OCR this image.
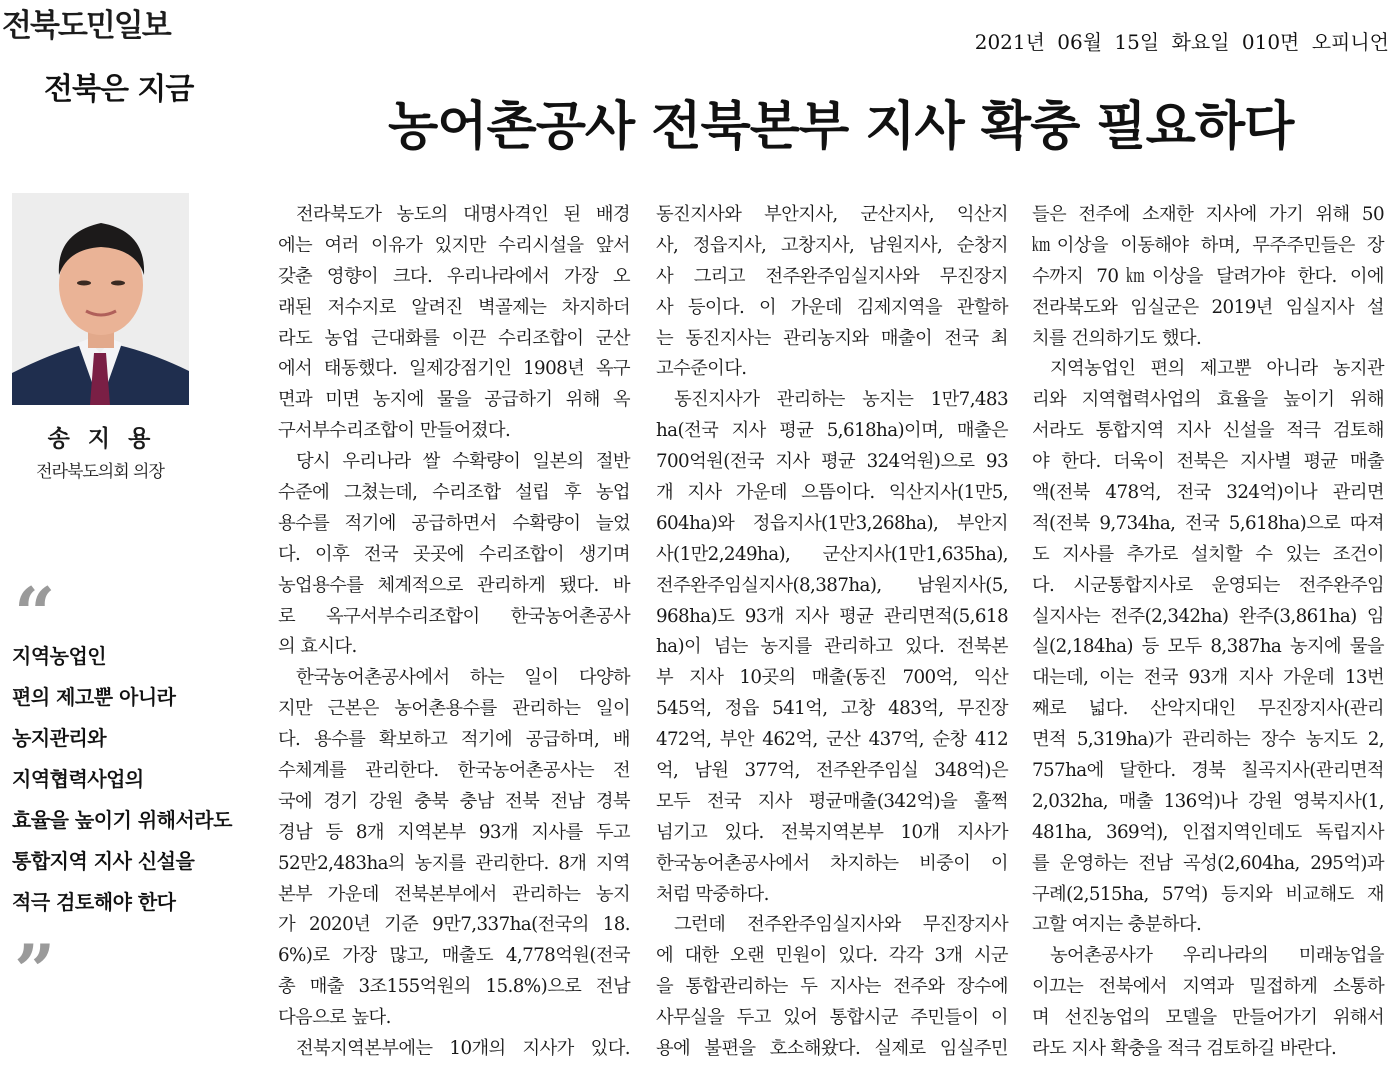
전북도민일보	2021년 06월 15일 화요일 010면 오피니언
전북은 지금
농어촌공사 전북본부 지사 확충 필요하다
송 지 용
전라북도의회 의장
“
지역농업인
편의 제고뿐 아니라
농지관리와
지역협력사업의
효율을 높이기 위해서라도
통합지역 지사 신설을
적극 검토해야 한다
”
전라북도가 농도의 대명사격인 된 배경
에는 여러 이유가 있지만 수리시설을 앞서
갖춘 영향이 크다. 우리나라에서 가장 오
래된 저수지로 알려진 벽골제는 차지하더
라도 농업 근대화를 이끈 수리조합이 군산
에서 태동했다. 일제강점기인 1908년 옥구
면과 미면 농지에 물을 공급하기 위해 옥
구서부수리조합이 만들어졌다.
당시 우리나라 쌀 수확량이 일본의 절반
수준에 그쳤는데, 수리조합 설립 후 농업
용수를 적기에 공급하면서 수확량이 늘었
다. 이후 전국 곳곳에 수리조합이 생기며
농업용수를 체계적으로 관리하게 됐다. 바
로 옥구서부수리조합이 한국농어촌공사
의 효시다.
한국농어촌공사에서 하는 일이 다양하
지만 근본은 농어촌용수를 관리하는 일이
다. 용수를 확보하고 적기에 공급하며, 배
수체계를 관리한다. 한국농어촌공사는 전
국에 경기 강원 충북 충남 전북 전남 경북
경남 등 8개 지역본부 93개 지사를 두고
52만2,483ha의 농지를 관리한다. 8개 지역
본부 가운데 전북본부에서 관리하는 농지
가 2020년 기준 9만7,337ha(전국의 18.
6%)로 가장 많고, 매출도 4,778억원(전국
총 매출 3조155억원의 15.8%)으로 전남
다음으로 높다.
전북지역본부에는 10개의 지사가 있다.
동진지사와 부안지사, 군산지사, 익산지
사, 정읍지사, 고창지사, 남원지사, 순창지
사 그리고 전주완주임실지사와 무진장지
사 등이다. 이 가운데 김제지역을 관할하
는 동진지사는 관리농지와 매출이 전국 최
고수준이다.
동진지사가 관리하는 농지는 1만7,483
ha(전국 지사 평균 5,618ha)이며, 매출은
700억원(전국 지사 평균 324억원)으로 93
개 지사 가운데 으뜸이다. 익산지사(1만5,
604ha)와 정읍지사(1만3,268ha), 부안지
사(1만2,249ha), 군산지사(1만1,635ha),
전주완주임실지사(8,387ha), 남원지사(5,
968ha)도 93개 지사 평균 관리면적(5,618
ha)이 넘는 농지를 관리하고 있다. 전북본
부 지사 10곳의 매출(동진 700억, 익산
545억, 정읍 541억, 고창 483억, 무진장
472억, 부안 462억, 군산 437억, 순창 412
억, 남원 377억, 전주완주임실 348억)은
모두 전국 지사 평균매출(342억)을 훌쩍
넘기고 있다. 전북지역본부 10개 지사가
한국농어촌공사에서 차지하는 비중이 이
처럼 막중하다.
그런데 전주완주임실지사와 무진장지사
에 대한 오랜 민원이 있다. 각각 3개 시군
을 통합관리하는 두 지사는 전주와 장수에
사무실을 두고 있어 통합시군 주민들이 이
용에 불편을 호소해왔다. 실제로 임실주민
들은 전주에 소재한 지사에 가기 위해 50
㎞이상을 이동해야 하며, 무주주민들은 장
수까지 70㎞이상을 달려가야 한다. 이에
전라북도와 임실군은 2019년 임실지사 설
치를 건의하기도 했다.
지역농업인 편의 제고뿐 아니라 농지관
리와 지역협력사업의 효율을 높이기 위해
서라도 통합지역 지사 신설을 적극 검토해
야 한다. 더욱이 전북은 지사별 평균 매출
액(전북 478억, 전국 324억)이나 관리면
적(전북 9,734ha, 전국 5,618ha)으로 따져
도 지사를 추가로 설치할 수 있는 조건이
다. 시군통합지사로 운영되는 전주완주임
실지사는 전주(2,342ha) 완주(3,861ha) 임
실(2,184ha) 등 모두 8,387ha 농지에 물을
대는데, 이는 전국 93개 지사 가운데 13번
째로 넓다. 산악지대인 무진장지사(관리
면적 5,319ha)가 관리하는 장수 농지도 2,
757ha에 달한다. 경북 칠곡지사(관리면적
2,032ha, 매출 136억)나 강원 영북지사(1,
481ha, 369억), 인접지역인데도 독립지사
를 운영하는 전남 곡성(2,604ha, 295억)과
구례(2,515ha, 57억) 등지와 비교해도 재
고할 여지는 충분하다.
농어촌공사가 우리나라의 미래농업을
이끄는 전북에서 지역과 밀접하게 소통하
며 선진농업의 모델을 만들어가기 위해서
라도 지사 확충을 적극 검토하길 바란다.
